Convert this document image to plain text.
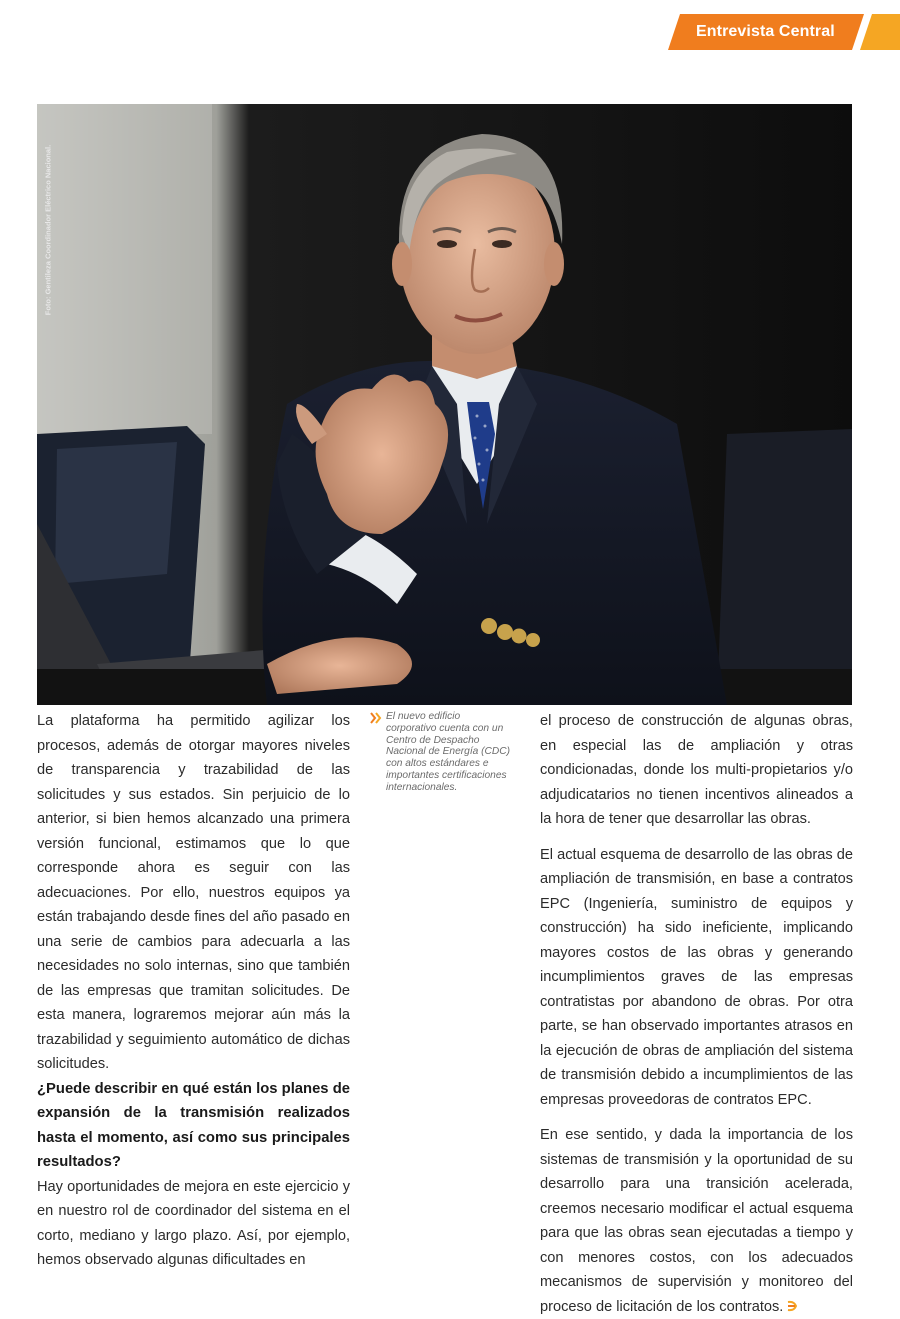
Entrevista Central
Foto: Gentileza Coordinador Eléctrico Nacional.

La plataforma ha permitido agilizar los procesos, además de otorgar mayores niveles de transparencia y trazabilidad de las solicitudes y sus estados. Sin perjuicio de lo anterior, si bien hemos alcanzado una primera versión funcional, estimamos que lo que corresponde ahora es seguir con las adecuaciones. Por ello, nuestros equipos ya están trabajando desde fines del año pasado en una serie de cambios para adecuarla a las necesidades no solo internas, sino que también de las empresas que tramitan solicitudes. De esta manera, lograremos mejorar aún más la trazabilidad y seguimiento automático de dichas solicitudes.

¿Puede describir en qué están los planes de expansión de la transmisión realizados hasta el momento, así como sus principales resultados?

Hay oportunidades de mejora en este ejercicio y en nuestro rol de coordinador del sistema en el corto, mediano y largo plazo. Así, por ejemplo, hemos observado algunas dificultades en

El nuevo edificio corporativo cuenta con un Centro de Despacho Nacional de Energía (CDC) con altos estándares e importantes certificaciones internacionales.

el proceso de construcción de algunas obras, en especial las de ampliación y otras condicionadas, donde los multi-propietarios y/o adjudicatarios no tienen incentivos alineados a la hora de tener que desarrollar las obras.

El actual esquema de desarrollo de las obras de ampliación de transmisión, en base a contratos EPC (Ingeniería, suministro de equipos y construcción) ha sido ineficiente, implicando mayores costos de las obras y generando incumplimientos graves de las empresas contratistas por abandono de obras. Por otra parte, se han observado importantes atrasos en la ejecución de obras de ampliación del sistema de transmisión debido a incumplimientos de las empresas proveedoras de contratos EPC.

En ese sentido, y dada la importancia de los sistemas de transmisión y la oportunidad de su desarrollo para una transición acelerada, creemos necesario modificar el actual esquema para que las obras sean ejecutadas a tiempo y con menores costos, con los adecuados mecanismos de supervisión y monitoreo del proceso de licitación de los contratos.
